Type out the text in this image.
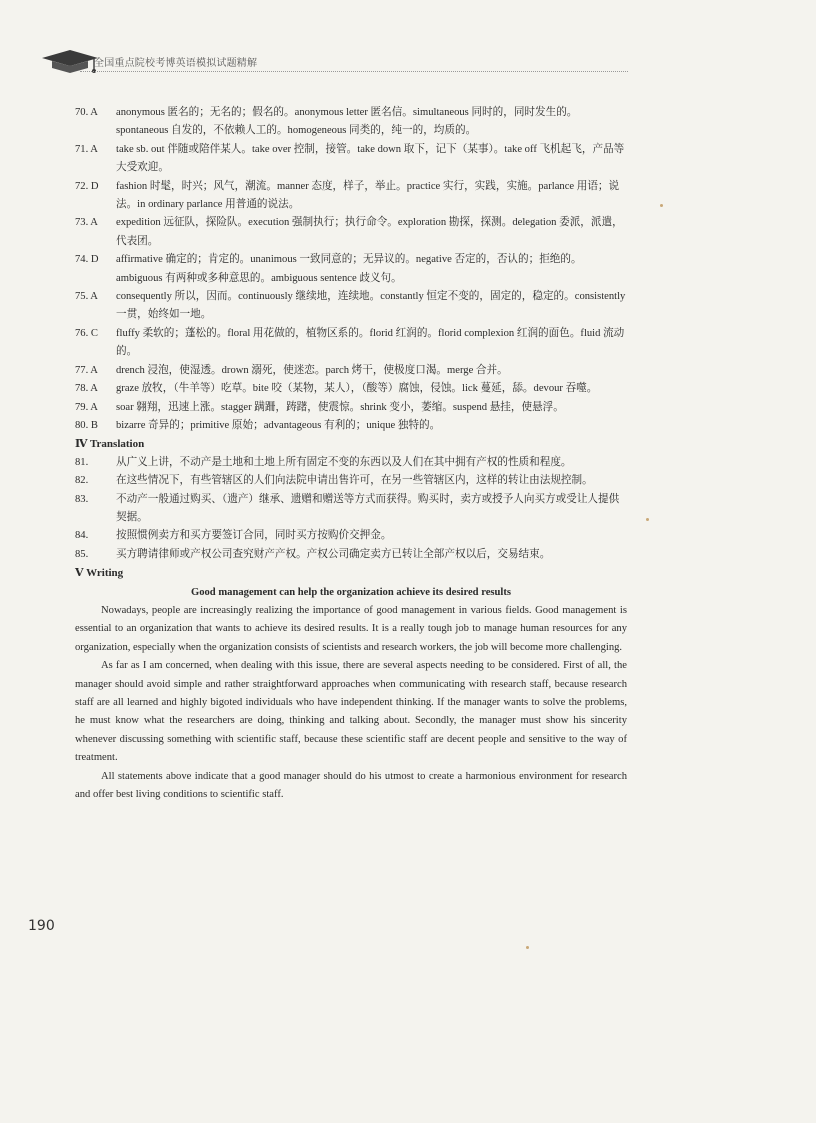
全国重点院校考博英语模拟试题精解
70. A	anonymous 匿名的；无名的；假名的。anonymous letter 匿名信。simultaneous 同时的，同时发生的。spontaneous 自发的，不依赖人工的。homogeneous 同类的，纯一的，均质的。
71. A	take sb. out 伴随或陪伴某人。take over 控制，接管。take down 取下，记下（某事）。take off 飞机起飞，产品等大受欢迎。
72. D	fashion 时髦，时兴；风气，潮流。manner 态度，样子，举止。practice 实行，实践，实施。parlance 用语；说法。in ordinary parlance 用普通的说法。
73. A	expedition 远征队，探险队。execution 强制执行；执行命令。exploration 勘探，探测。delegation 委派，派遣，代表团。
74. D	affirmative 确定的；肯定的。unanimous 一致同意的；无异议的。negative 否定的，否认的；拒绝的。ambiguous 有两种或多种意思的。ambiguous sentence 歧义句。
75. A	consequently 所以，因而。continuously 继续地，连续地。constantly 恒定不变的，固定的，稳定的。consistently 一贯，始终如一地。
76. C	fluffy 柔软的；蓬松的。floral 用花做的，植物区系的。florid 红润的。florid complexion 红润的面色。fluid 流动的。
77. A	drench 浸泡，使湿透。drown 溺死，使迷恋。parch 烤干，使极度口渴。merge 合并。
78. A	graze 放牧，（牛羊等）吃草。bite 咬（某物，某人），（酸等）腐蚀，侵蚀。lick 蔓延，舔。devour 吞噬。
79. A	soar 翱翔，迅速上涨。stagger 蹒跚，踌躇，使震惊。shrink 变小，萎缩。suspend 悬挂，使悬浮。
80. B	bizarre 奇异的；primitive 原始；advantageous 有利的；unique 独特的。
Ⅳ Translation
81.	从广义上讲，不动产是土地和土地上所有固定不变的东西以及人们在其中拥有产权的性质和程度。
82.	在这些情况下，有些管辖区的人们向法院申请出售许可，在另一些管辖区内，这样的转让由法规控制。
83.	不动产一般通过购买、（遗产）继承、遗赠和赠送等方式而获得。购买时，卖方或授予人向买方或受让人提供契据。
84.	按照惯例卖方和买方要签订合同，同时买方按购价交押金。
85.	买方聘请律师或产权公司查究财产产权。产权公司确定卖方已转让全部产权以后，交易结束。
Ⅴ Writing
Good management can help the organization achieve its desired results
Nowadays, people are increasingly realizing the importance of good management in various fields. Good management is essential to an organization that wants to achieve its desired results. It is a really tough job to manage human resources for any organization, especially when the organization consists of scientists and research workers, the job will become more challenging.
As far as I am concerned, when dealing with this issue, there are several aspects needing to be considered. First of all, the manager should avoid simple and rather straightforward approaches when communicating with research staff, because research staff are all learned and highly bigoted individuals who have independent thinking. If the manager wants to solve the problems, he must know what the researchers are doing, thinking and talking about. Secondly, the manager must show his sincerity whenever discussing something with scientific staff, because these scientific staff are decent people and sensitive to the way of treatment.
All statements above indicate that a good manager should do his utmost to create a harmonious environment for research and offer best living conditions to scientific staff.
190
